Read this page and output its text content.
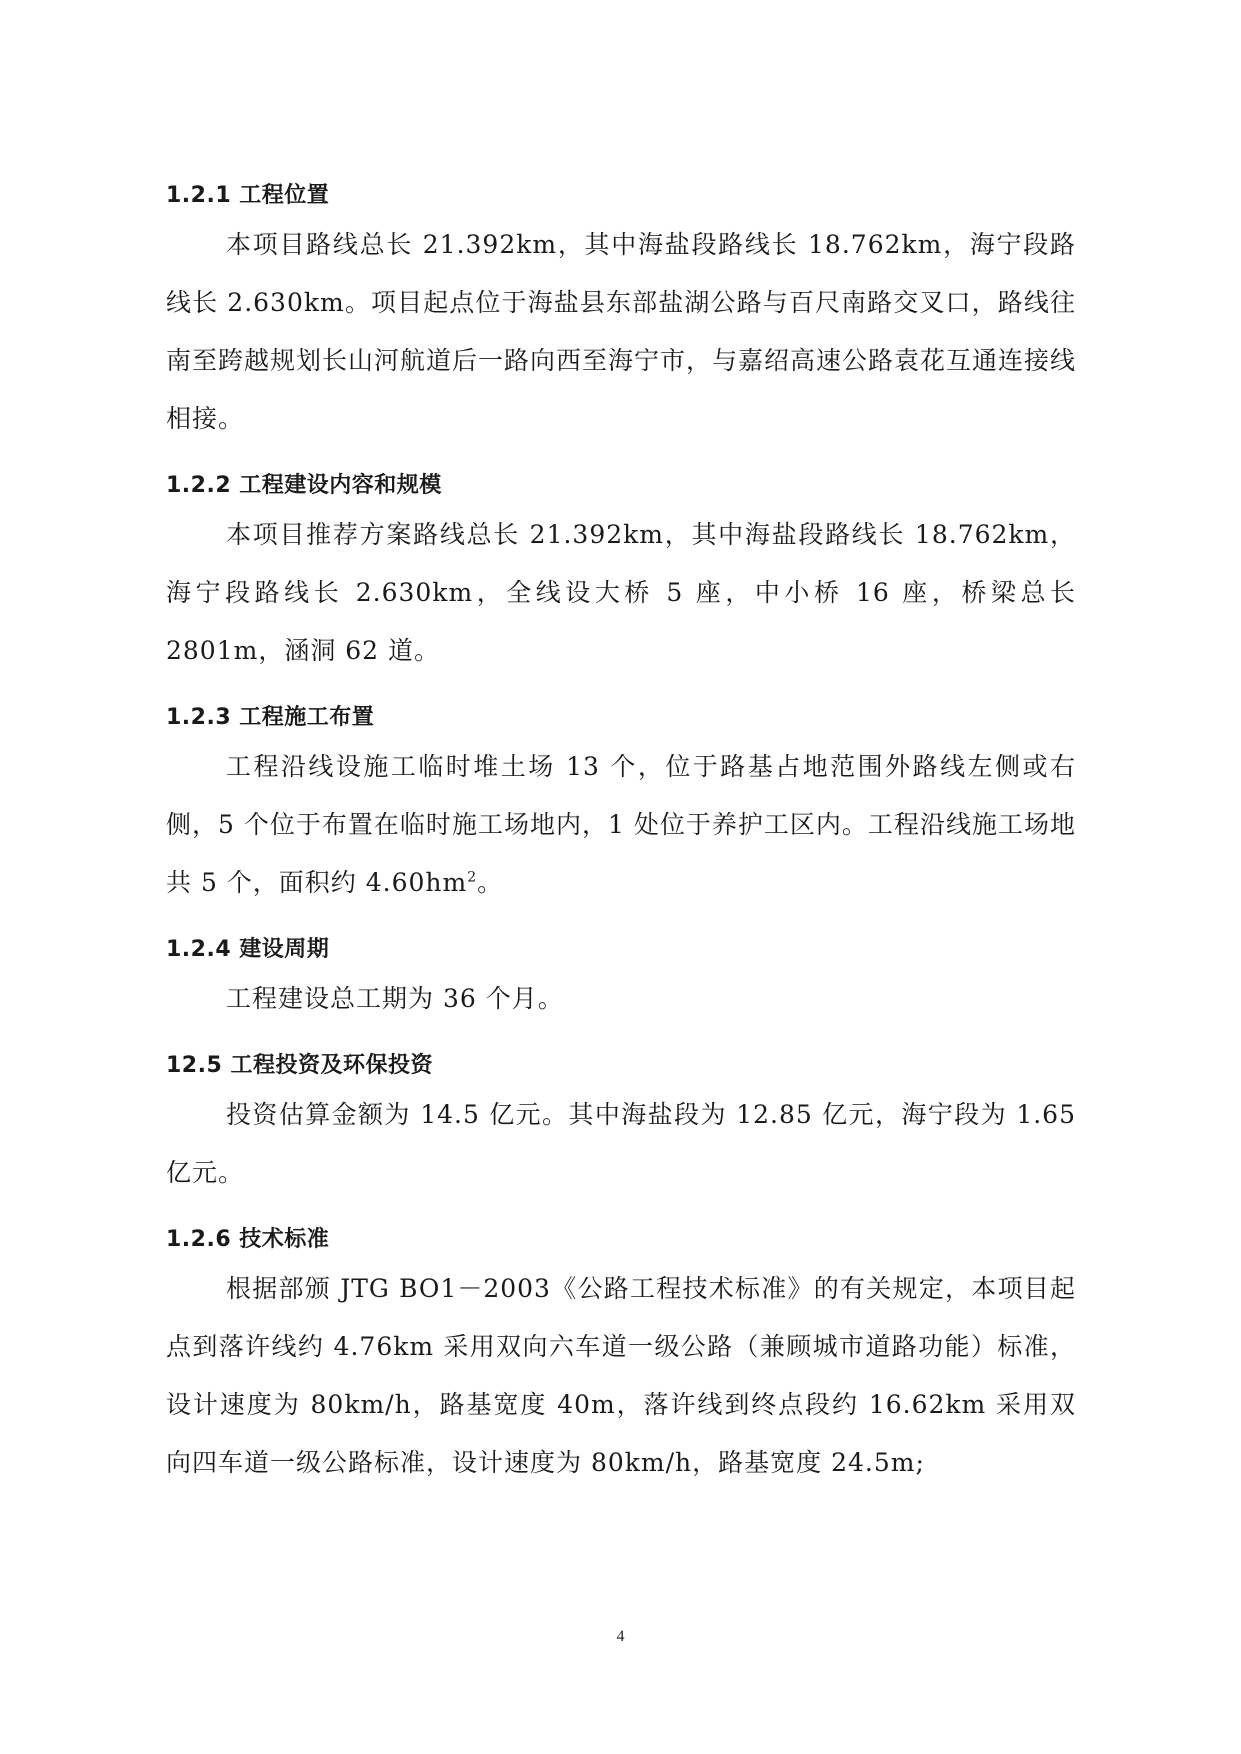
1.2.1 工程位置

本项目路线总长 21.392km，其中海盐段路线长 18.762km，海宁段路线长 2.630km。项目起点位于海盐县东部盐湖公路与百尺南路交叉口，路线往南至跨越规划长山河航道后一路向西至海宁市，与嘉绍高速公路袁花互通连接线相接。

1.2.2 工程建设内容和规模

本项目推荐方案路线总长 21.392km，其中海盐段路线长 18.762km，海宁段路线长 2.630km，全线设大桥 5 座，中小桥 16 座，桥梁总长 2801m，涵洞 62 道。

1.2.3 工程施工布置

工程沿线设施工临时堆土场 13 个，位于路基占地范围外路线左侧或右侧，5 个位于布置在临时施工场地内，1 处位于养护工区内。工程沿线施工场地共 5 个，面积约 $4.60hm^2$。

1.2.4 建设周期

工程建设总工期为 36 个月。

12.5 工程投资及环保投资

投资估算金额为 14.5 亿元。其中海盐段为 12.85 亿元，海宁段为 1.65 亿元。

1.2.6 技术标准

根据部颁 JTG BO1－2003《公路工程技术标准》的有关规定，本项目起点到落许线约 4.76km 采用双向六车道一级公路（兼顾城市道路功能）标准，设计速度为 80km/h，路基宽度 40m，落许线到终点段约 16.62km 采用双向四车道一级公路标准，设计速度为 80km/h，路基宽度 24.5m;

4
